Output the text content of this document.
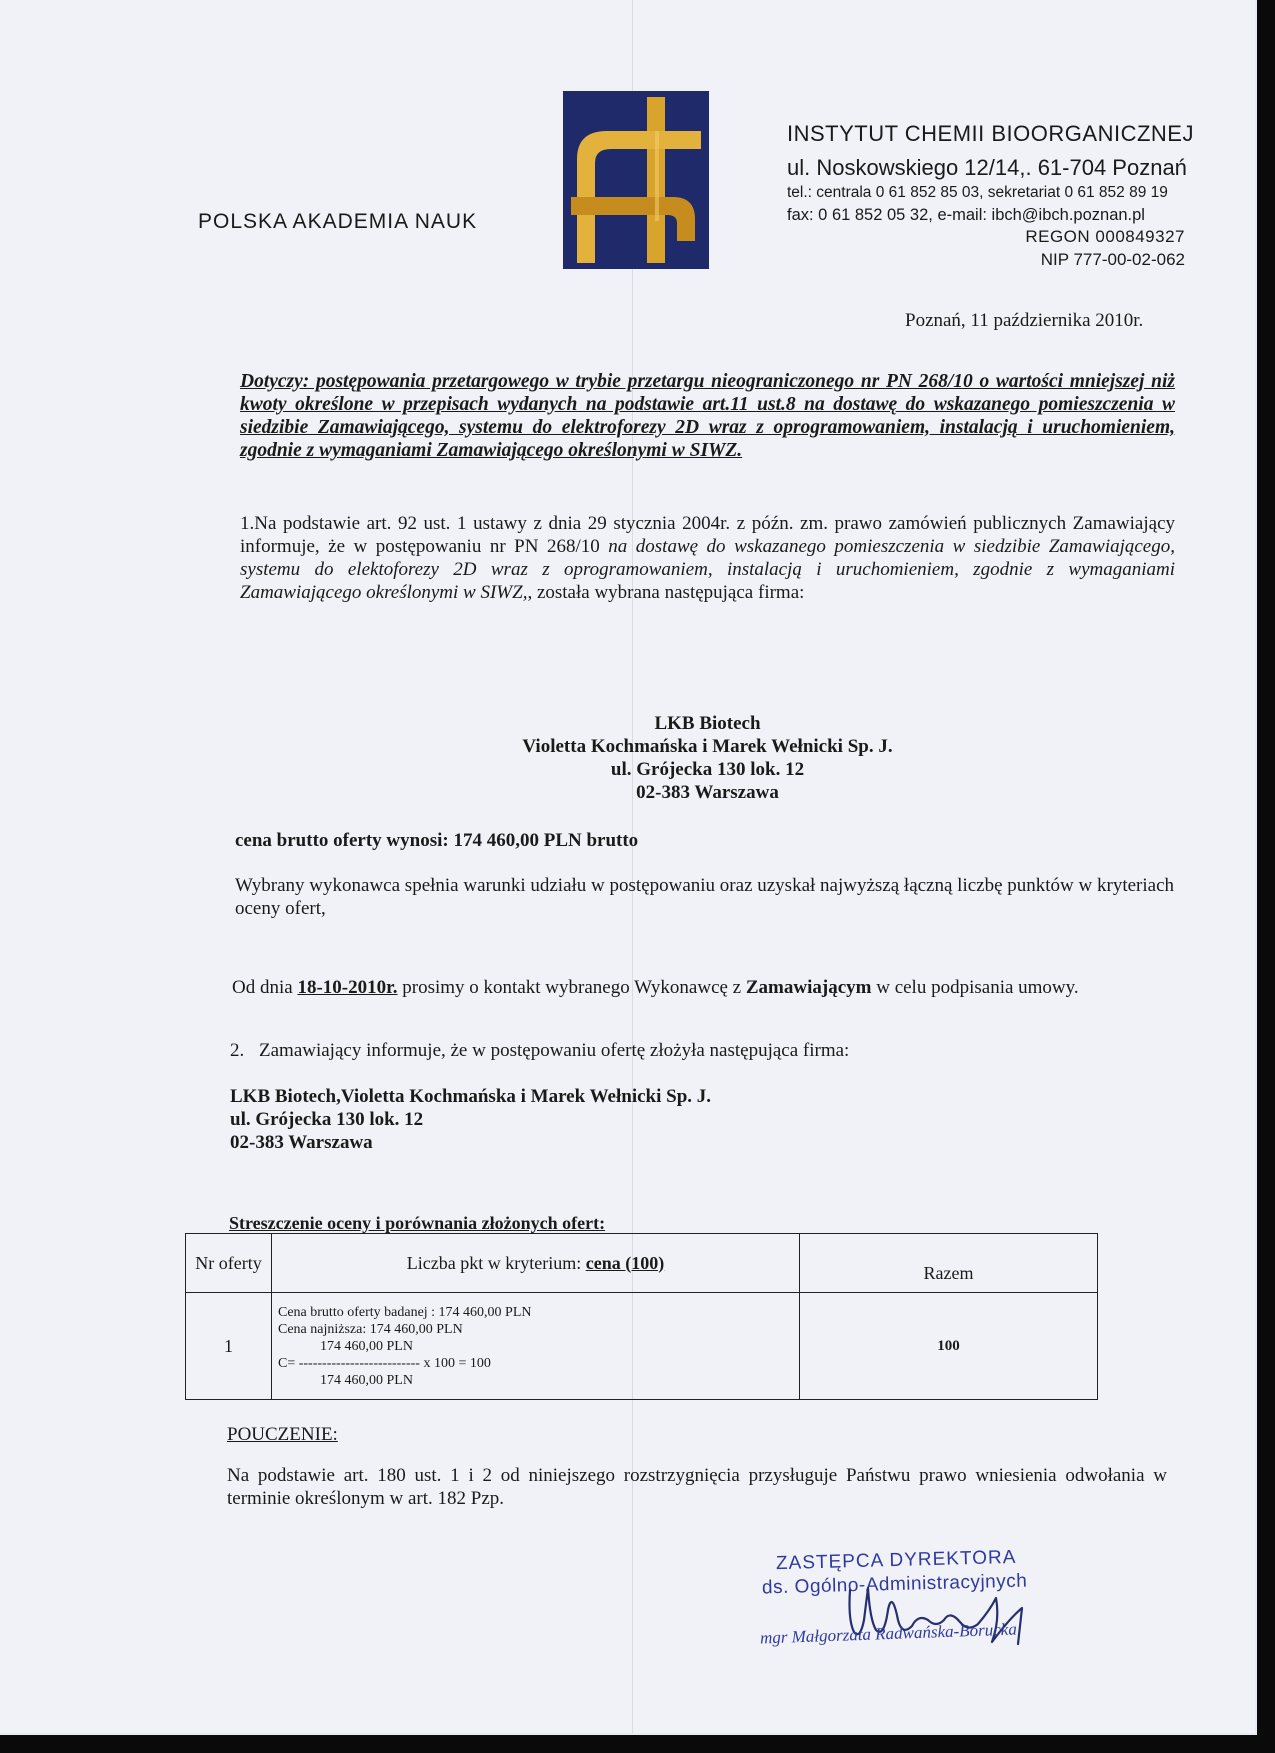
POLSKA AKADEMIA NAUK
INSTYTUT CHEMII BIOORGANICZNEJ
ul. Noskowskiego 12/14,. 61-704 Poznań
tel.: centrala 0 61 852 85 03, sekretariat 0 61 852 89 19
fax: 0 61 852 05 32, e-mail: ibch@ibch.poznan.pl
REGON 000849327
NIP 777-00-02-062
Poznań, 11 października 2010r.
Dotyczy: postępowania przetargowego w trybie przetargu nieograniczonego nr PN 268/10 o wartości mniejszej niż kwoty określone w przepisach wydanych na podstawie art.11 ust.8 na dostawę do wskazanego pomieszczenia w siedzibie Zamawiającego, systemu do elektroforezy 2D wraz z oprogramowaniem, instalacją i uruchomieniem, zgodnie z wymaganiami Zamawiającego określonymi w SIWZ.
1.Na podstawie art. 92 ust. 1 ustawy z dnia 29 stycznia 2004r. z późn. zm. prawo zamówień publicznych Zamawiający informuje, że w postępowaniu nr PN 268/10 na dostawę do wskazanego pomieszczenia w siedzibie Zamawiającego, systemu do elektoforezy 2D wraz z oprogramowaniem, instalacją i uruchomieniem, zgodnie z wymaganiami Zamawiającego określonymi w SIWZ,, została wybrana następująca firma:
LKB Biotech
Violetta Kochmańska i Marek Wełnicki Sp. J.
ul. Grójecka 130 lok. 12
02-383 Warszawa
cena brutto oferty wynosi: 174 460,00 PLN brutto
Wybrany wykonawca spełnia warunki udziału w postępowaniu oraz uzyskał najwyższą łączną liczbę punktów w kryteriach oceny ofert,
Od dnia 18-10-2010r. prosimy o kontakt wybranego Wykonawcę z Zamawiającym w celu podpisania umowy.
2. Zamawiający informuje, że w postępowaniu ofertę złożyła następująca firma:
LKB Biotech,Violetta Kochmańska i Marek Wełnicki Sp. J.
ul. Grójecka 130 lok. 12
02-383 Warszawa
Streszczenie oceny i porównania złożonych ofert:
Nr oferty	Liczba pkt w kryterium: cena (100)	Razem
1	Cena brutto oferty badanej : 174 460,00 PLN
Cena najniższa: 174 460,00 PLN
174 460,00 PLN
C= -------------------------- x 100 = 100
174 460,00 PLN	100
POUCZENIE:
Na podstawie art. 180 ust. 1 i 2 od niniejszego rozstrzygnięcia przysługuje Państwu prawo wniesienia odwołania w terminie określonym w art. 182 Pzp.
ZASTĘPCA DYREKTORA
ds. Ogólno-Administracyjnych
mgr Małgorzata Radwańska-Borucka
